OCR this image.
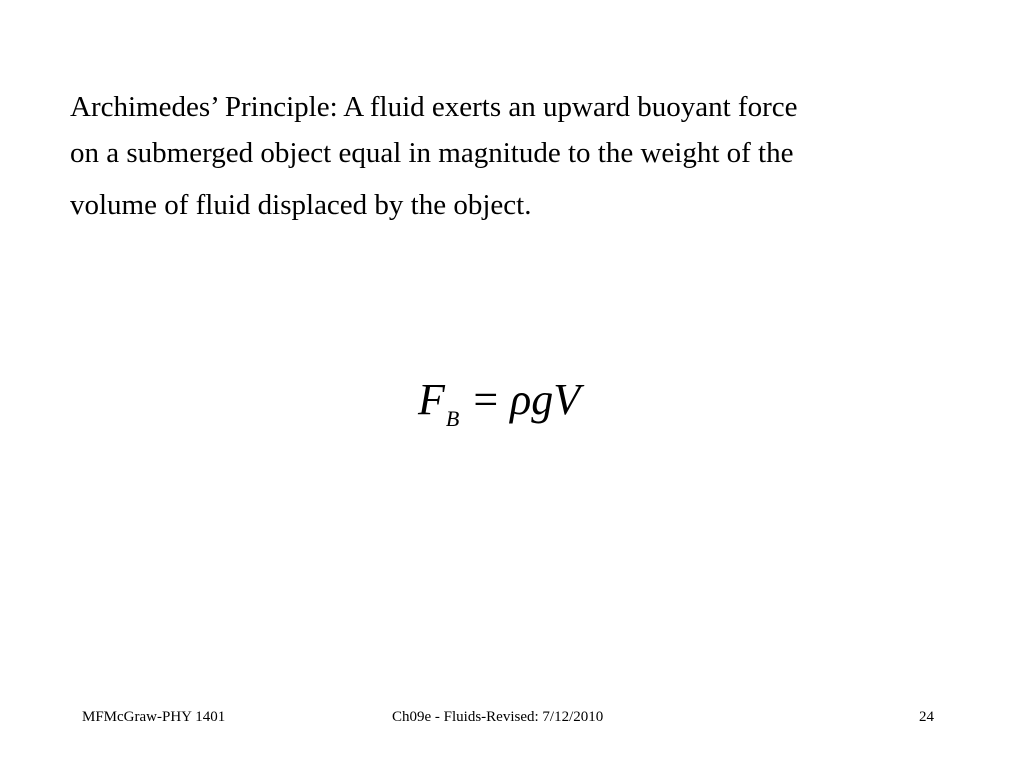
Archimedes’ Principle: A fluid exerts an upward buoyant force
on a submerged object equal in magnitude to the weight of the
volume of fluid displaced by the object.
$F_B = \rho gV$
MFMcGraw-PHY 1401	Ch09e - Fluids-Revised: 7/12/2010	24
